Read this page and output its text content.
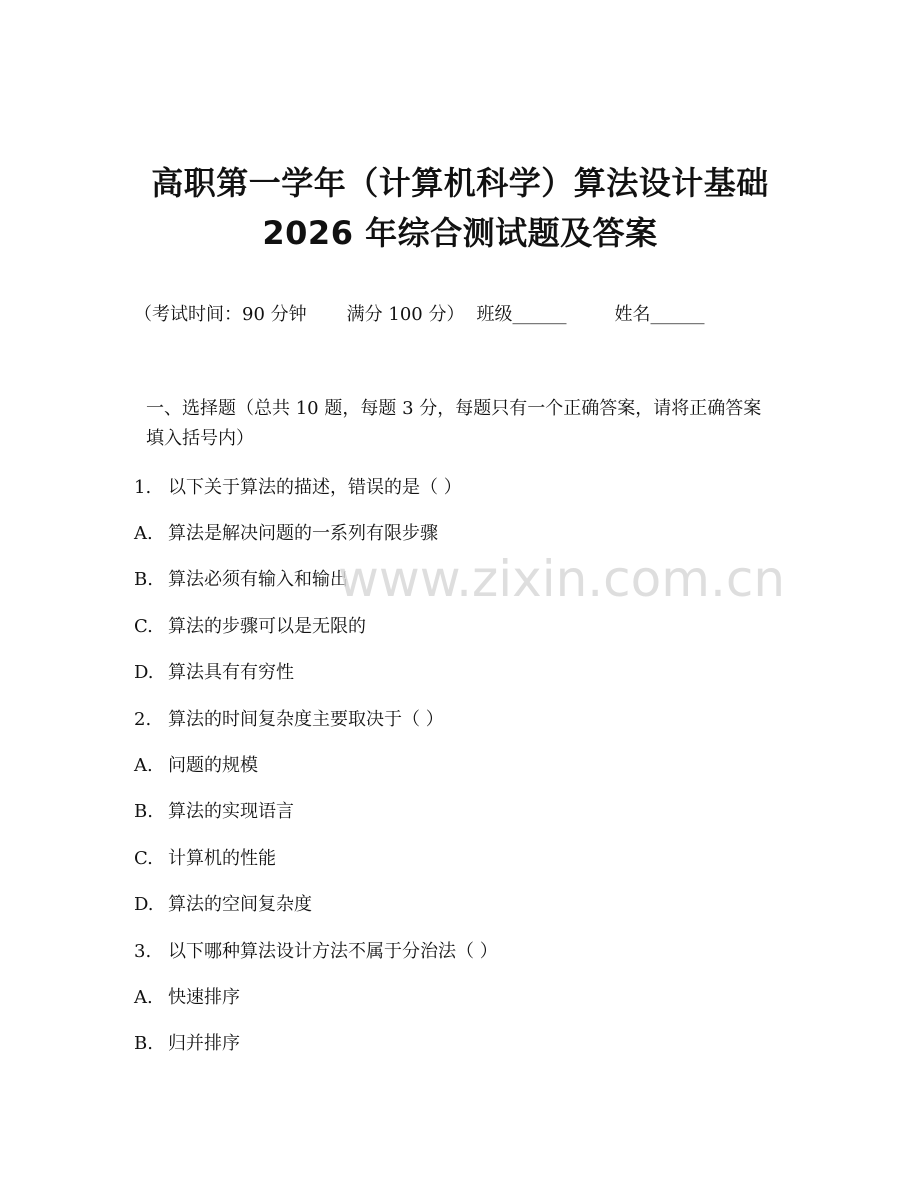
高职第一学年（计算机科学）算法设计基础
2026 年综合测试题及答案
（考试时间：90 分钟 满分 100 分） 班级______	姓名______
一、选择题（总共 10 题，每题 3 分，每题只有一个正确答案，请将正确答案填入括号内）
1. 以下关于算法的描述，错误的是（ ）
A. 算法是解决问题的一系列有限步骤
B. 算法必须有输入和输出
C. 算法的步骤可以是无限的
D. 算法具有有穷性
2. 算法的时间复杂度主要取决于（ ）
A. 问题的规模
B. 算法的实现语言
C. 计算机的性能
D. 算法的空间复杂度
3. 以下哪种算法设计方法不属于分治法（ ）
A. 快速排序
B. 归并排序
www.zixin.com.cn
